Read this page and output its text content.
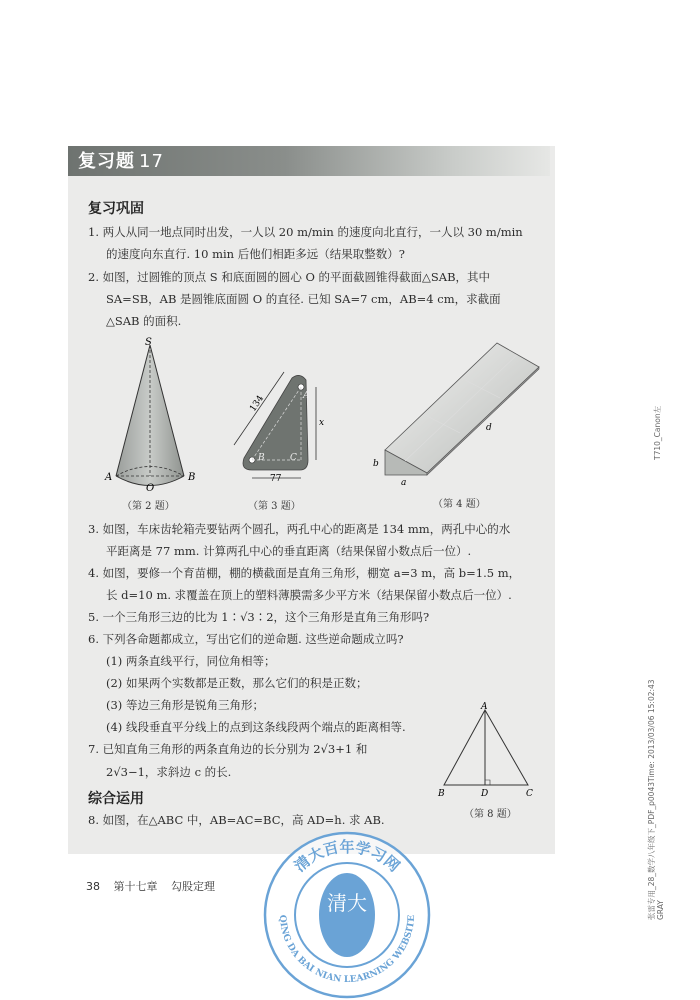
复习题 17
复习巩固
1. 两人从同一地点同时出发，一人以 20 m/min 的速度向北直行，一人以 30 m/min
的速度向东直行. 10 min 后他们相距多远（结果取整数）?
2. 如图，过圆锥的顶点 S 和底面圆的圆心 O 的平面截圆锥得截面△SAB，其中
SA=SB，AB 是圆锥底面圆 O 的直径. 已知 SA=7 cm，AB=4 cm，求截面
△SAB 的面积.
S
A	B
O
（第 2 题）
134
x
A
B	C
77
（第 3 题）
b
a
d
（第 4 题）
3. 如图，车床齿轮箱壳要钻两个圆孔，两孔中心的距离是 134 mm，两孔中心的水
平距离是 77 mm. 计算两孔中心的垂直距离（结果保留小数点后一位）.
4. 如图，要修一个育苗棚，棚的横截面是直角三角形，棚宽 a=3 m，高 b=1.5 m，
长 d=10 m. 求覆盖在顶上的塑料薄膜需多少平方米（结果保留小数点后一位）.
5. 一个三角形三边的比为 1∶√3∶2，这个三角形是直角三角形吗?
6. 下列各命题都成立，写出它们的逆命题. 这些逆命题成立吗?
(1) 两条直线平行，同位角相等；
(2) 如果两个实数都是正数，那么它们的积是正数；
(3) 等边三角形是锐角三角形；
(4) 线段垂直平分线上的点到这条线段两个端点的距离相等.
7. 已知直角三角形的两条直角边的长分别为 2√3+1 和
2√3−1，求斜边 c 的长.
综合运用
8. 如图，在△ABC 中，AB=AC=BC，高 AD=h. 求 AB.
A
B	D	C
（第 8 题）
38 第十七章 勾股定理
清大
清大百年学习网
QING DA BAI NIAN LEARNING WEBSITE
T710_Canon左
张雷专用_28_数学八年级下_PDF_p0043Time: 2013/03/06 15:02:43 GRAY
